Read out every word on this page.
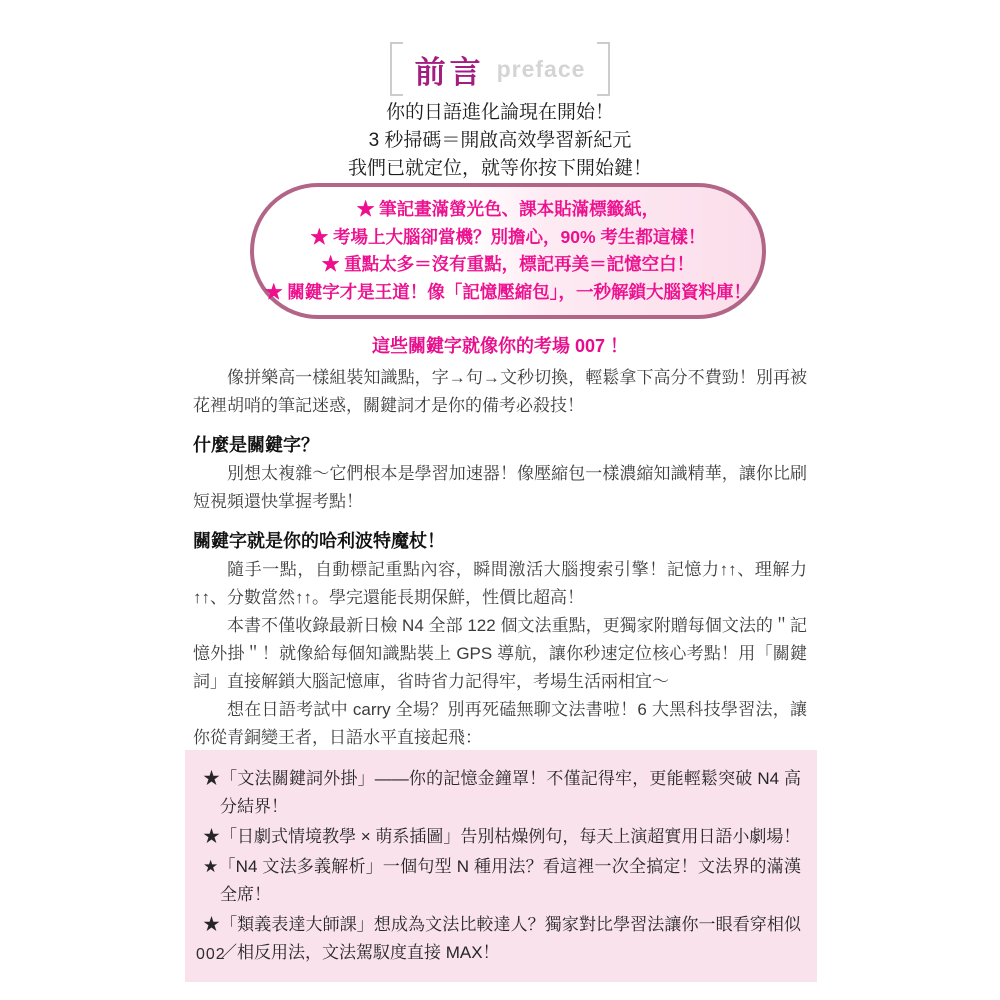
前言 preface
你的日語進化論現在開始！
3 秒掃碼＝開啟高效學習新紀元
我們已就定位，就等你按下開始鍵！
★ 筆記畫滿螢光色、課本貼滿標籤紙，
★ 考場上大腦卻當機？別擔心，90% 考生都這樣！
★ 重點太多＝沒有重點，標記再美＝記憶空白！
★ 關鍵字才是王道！像「記憶壓縮包」，一秒解鎖大腦資料庫！
這些關鍵字就像你的考場 007 ！

像拼樂高一樣組裝知識點，字→句→文秒切換，輕鬆拿下高分不費勁！別再被花裡胡哨的筆記迷惑，關鍵詞才是你的備考必殺技！

什麼是關鍵字？

別想太複雜～它們根本是學習加速器！像壓縮包一樣濃縮知識精華，讓你比刷短視頻還快掌握考點！

關鍵字就是你的哈利波特魔杖！

隨手一點，自動標記重點內容，瞬間激活大腦搜索引擎！記憶力↑↑、理解力↑↑、分數當然↑↑。學完還能長期保鮮，性價比超高！

本書不僅收錄最新日檢 N4 全部 122 個文法重點，更獨家附贈每個文法的＂記憶外掛＂！就像給每個知識點裝上 GPS 導航，讓你秒速定位核心考點！用「關鍵詞」直接解鎖大腦記憶庫，省時省力記得牢，考場生活兩相宜～

想在日語考試中 carry 全場？別再死磕無聊文法書啦！6 大黑科技學習法，讓你從青銅變王者，日語水平直接起飛：

★「文法關鍵詞外掛」——你的記憶金鐘罩！不僅記得牢，更能輕鬆突破 N4 高分結界！
★「日劇式情境教學 × 萌系插圖」告別枯燥例句，每天上演超實用日語小劇場！
★「N4 文法多義解析」一個句型 N 種用法？看這裡一次全搞定！文法界的滿漢全席！
★「類義表達大師課」想成為文法比較達人？獨家對比學習法讓你一眼看穿相似／相反用法，文法駕馭度直接 MAX！
002
